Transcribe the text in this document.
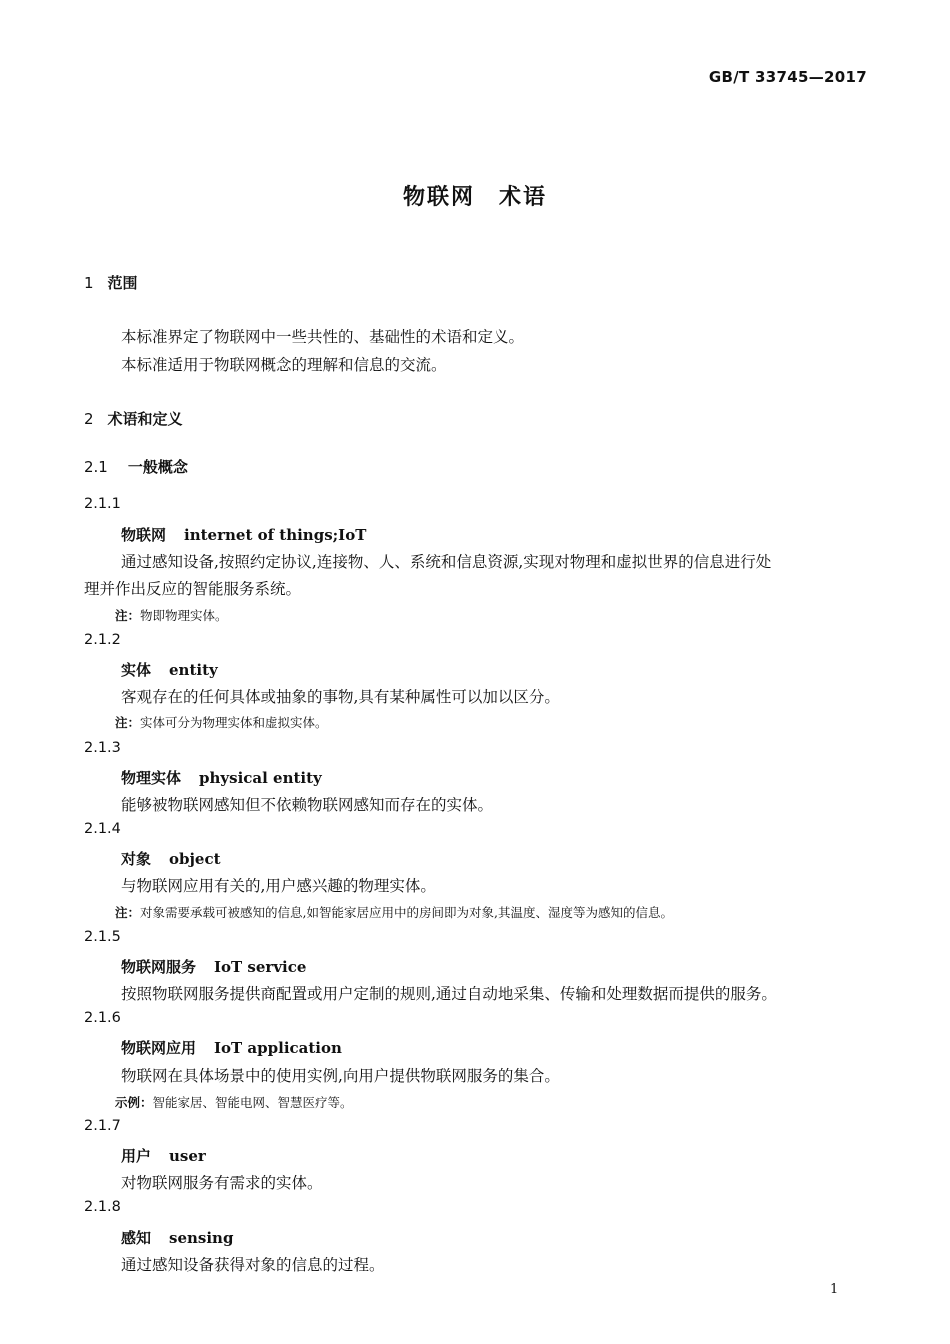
GB/T 33745—2017
物联网　术语
1 范围
本标准界定了物联网中一些共性的、基础性的术语和定义。
本标准适用于物联网概念的理解和信息的交流。
2 术语和定义
2.1 一般概念
2.1.1
物联网 internet of things;IoT
通过感知设备,按照约定协议,连接物、人、系统和信息资源,实现对物理和虚拟世界的信息进行处
理并作出反应的智能服务系统。
注：物即物理实体。
2.1.2
实体 entity
客观存在的任何具体或抽象的事物,具有某种属性可以加以区分。
注：实体可分为物理实体和虚拟实体。
2.1.3
物理实体 physical entity
能够被物联网感知但不依赖物联网感知而存在的实体。
2.1.4
对象 object
与物联网应用有关的,用户感兴趣的物理实体。
注：对象需要承载可被感知的信息,如智能家居应用中的房间即为对象,其温度、湿度等为感知的信息。
2.1.5
物联网服务 IoT service
按照物联网服务提供商配置或用户定制的规则,通过自动地采集、传输和处理数据而提供的服务。
2.1.6
物联网应用 IoT application
物联网在具体场景中的使用实例,向用户提供物联网服务的集合。
示例：智能家居、智能电网、智慧医疗等。
2.1.7
用户 user
对物联网服务有需求的实体。
2.1.8
感知 sensing
通过感知设备获得对象的信息的过程。
1
